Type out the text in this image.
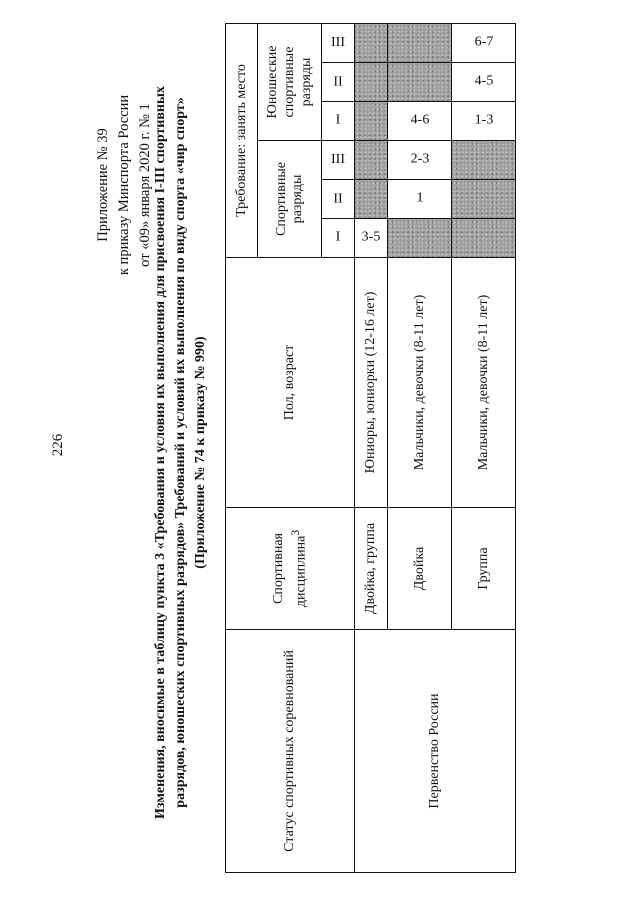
226
Приложение № 39 к приказу Минспорта России от «09» января 2020 г. № 1 Изменения, вносимые в таблицу пункта 3 «Требования и условия их выполнения для присвоения I-III спортивных разрядов, юношеских спортивных разрядов» Требований и условий их выполнения по виду спорта «чир спорт» (Приложение № 74 к приказу № 990)
Статус спортивных соревнований	Спортивная дисциплина$^3$	Пол, возраст	Требование: занять место					
			Спортивные разряды			Юношеские спортивные разряды		
			I	II	III	I	II	III
Первенство России	Двойка, группа	Юниоры, юниорки (12-16 лет)	3-5					
	Двойка	Мальчики, девочки (8-11 лет)		1	2-3	4-6		
	Группа	Мальчики, девочки (8-11 лет)				1-3	4-5	6-7
